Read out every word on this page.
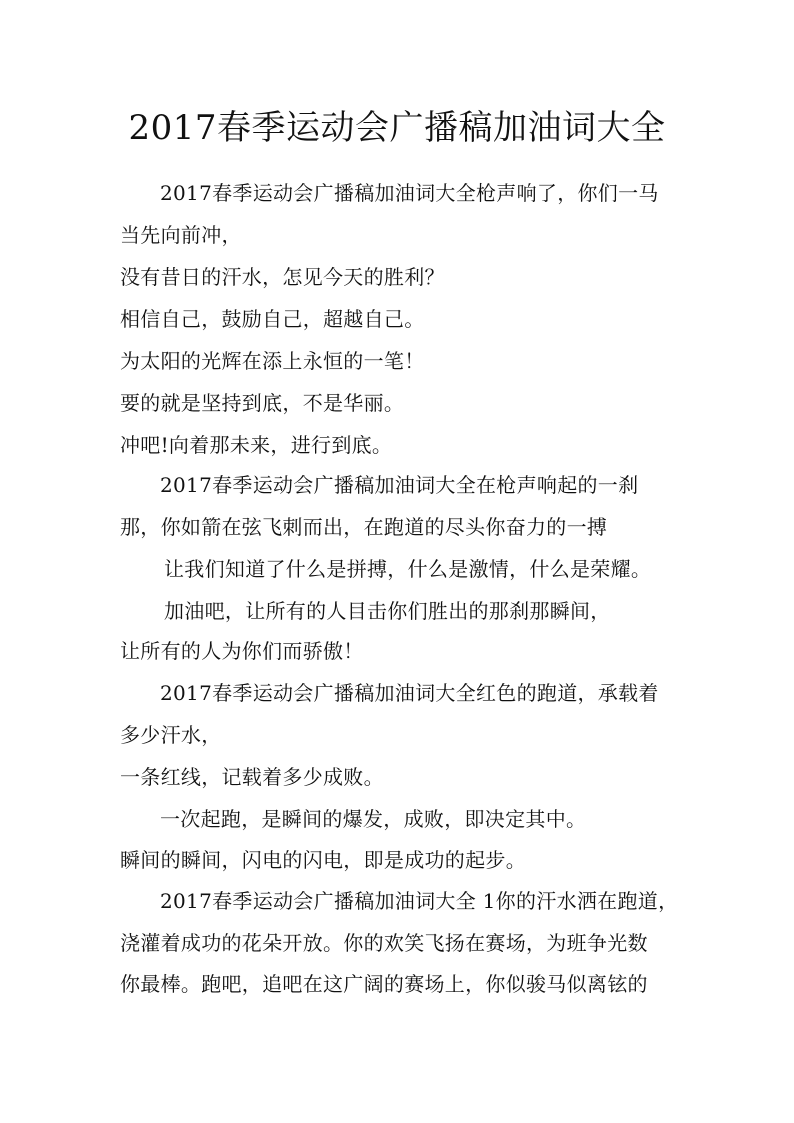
2017春季运动会广播稿加油词大全
2017春季运动会广播稿加油词大全枪声响了，你们一马
当先向前冲，
没有昔日的汗水，怎见今天的胜利？
相信自己，鼓励自己，超越自己。
为太阳的光辉在添上永恒的一笔！
要的就是坚持到底，不是华丽。
冲吧!向着那未来，进行到底。
2017春季运动会广播稿加油词大全在枪声响起的一刹
那，你如箭在弦飞刺而出，在跑道的尽头你奋力的一搏
让我们知道了什么是拼搏，什么是激情，什么是荣耀。
加油吧，让所有的人目击你们胜出的那刹那瞬间，
让所有的人为你们而骄傲！
2017春季运动会广播稿加油词大全红色的跑道，承载着
多少汗水，
一条红线，记载着多少成败。
一次起跑，是瞬间的爆发，成败，即决定其中。
瞬间的瞬间，闪电的闪电，即是成功的起步。
2017春季运动会广播稿加油词大全 1你的汗水洒在跑道，
浇灌着成功的花朵开放。你的欢笑飞扬在赛场，为班争光数
你最棒。跑吧，追吧在这广阔的赛场上，你似骏马似离铉的
